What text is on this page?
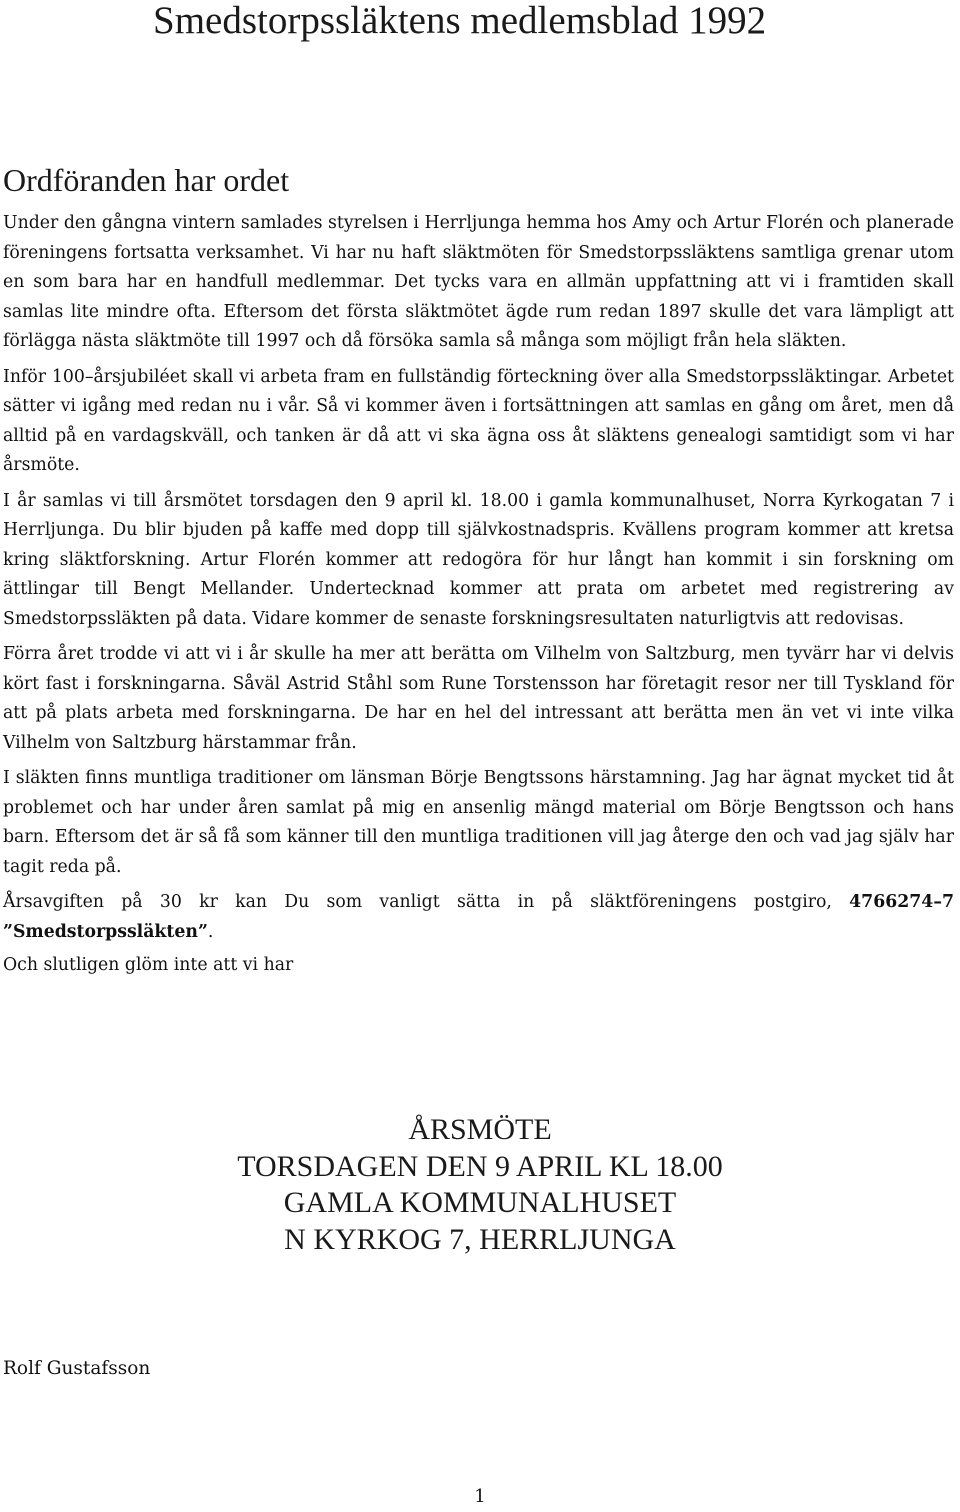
Smedstorpssläktens medlemsblad 1992
Ordföranden har ordet

Under den gångna vintern samlades styrelsen i Herrljunga hemma hos Amy och Artur Florén och planerade föreningens fortsatta verksamhet. Vi har nu haft släktmöten för Smedstorpssläktens samtliga grenar utom en som bara har en handfull medlemmar. Det tycks vara en allmän uppfattning att vi i framtiden skall samlas lite mindre ofta. Eftersom det första släktmötet ägde rum redan 1897 skulle det vara lämpligt att förlägga nästa släktmöte till 1997 och då försöka samla så många som möjligt från hela släkten.

Inför 100–årsjubiléet skall vi arbeta fram en fullständig förteckning över alla Smedstorpssläktingar. Arbetet sätter vi igång med redan nu i vår. Så vi kommer även i fortsättningen att samlas en gång om året, men då alltid på en vardagskväll, och tanken är då att vi ska ägna oss åt släktens genealogi samtidigt som vi har årsmöte.

I år samlas vi till årsmötet torsdagen den 9 april kl. 18.00 i gamla kommunalhuset, Norra Kyrkogatan 7 i Herrljunga. Du blir bjuden på kaffe med dopp till självkostnadspris. Kvällens program kommer att kretsa kring släktforskning. Artur Florén kommer att redogöra för hur långt han kommit i sin forskning om ättlingar till Bengt Mellander. Undertecknad kommer att prata om arbetet med registrering av Smedstorpssläkten på data. Vidare kommer de senaste forskningsresultaten naturligtvis att redovisas.

Förra året trodde vi att vi i år skulle ha mer att berätta om Vilhelm von Saltzburg, men tyvärr har vi delvis kört fast i forskningarna. Såväl Astrid Ståhl som Rune Torstensson har företagit resor ner till Tyskland för att på plats arbeta med forskningarna. De har en hel del intressant att berätta men än vet vi inte vilka Vilhelm von Saltzburg härstammar från.

I släkten finns muntliga traditioner om länsman Börje Bengtssons härstamning. Jag har ägnat mycket tid åt problemet och har under åren samlat på mig en ansenlig mängd material om Börje Bengtsson och hans barn. Eftersom det är så få som känner till den muntliga traditionen vill jag återge den och vad jag själv har tagit reda på.

Årsavgiften på 30 kr kan Du som vanligt sätta in på släktföreningens postgiro, 4766274–7 ”Smedstorpssläkten”.

Och slutligen glöm inte att vi har

ÅRSMÖTE
TORSDAGEN DEN 9 APRIL KL 18.00
GAMLA KOMMUNALHUSET
N KYRKOG 7, HERRLJUNGA
Rolf Gustafsson
1
